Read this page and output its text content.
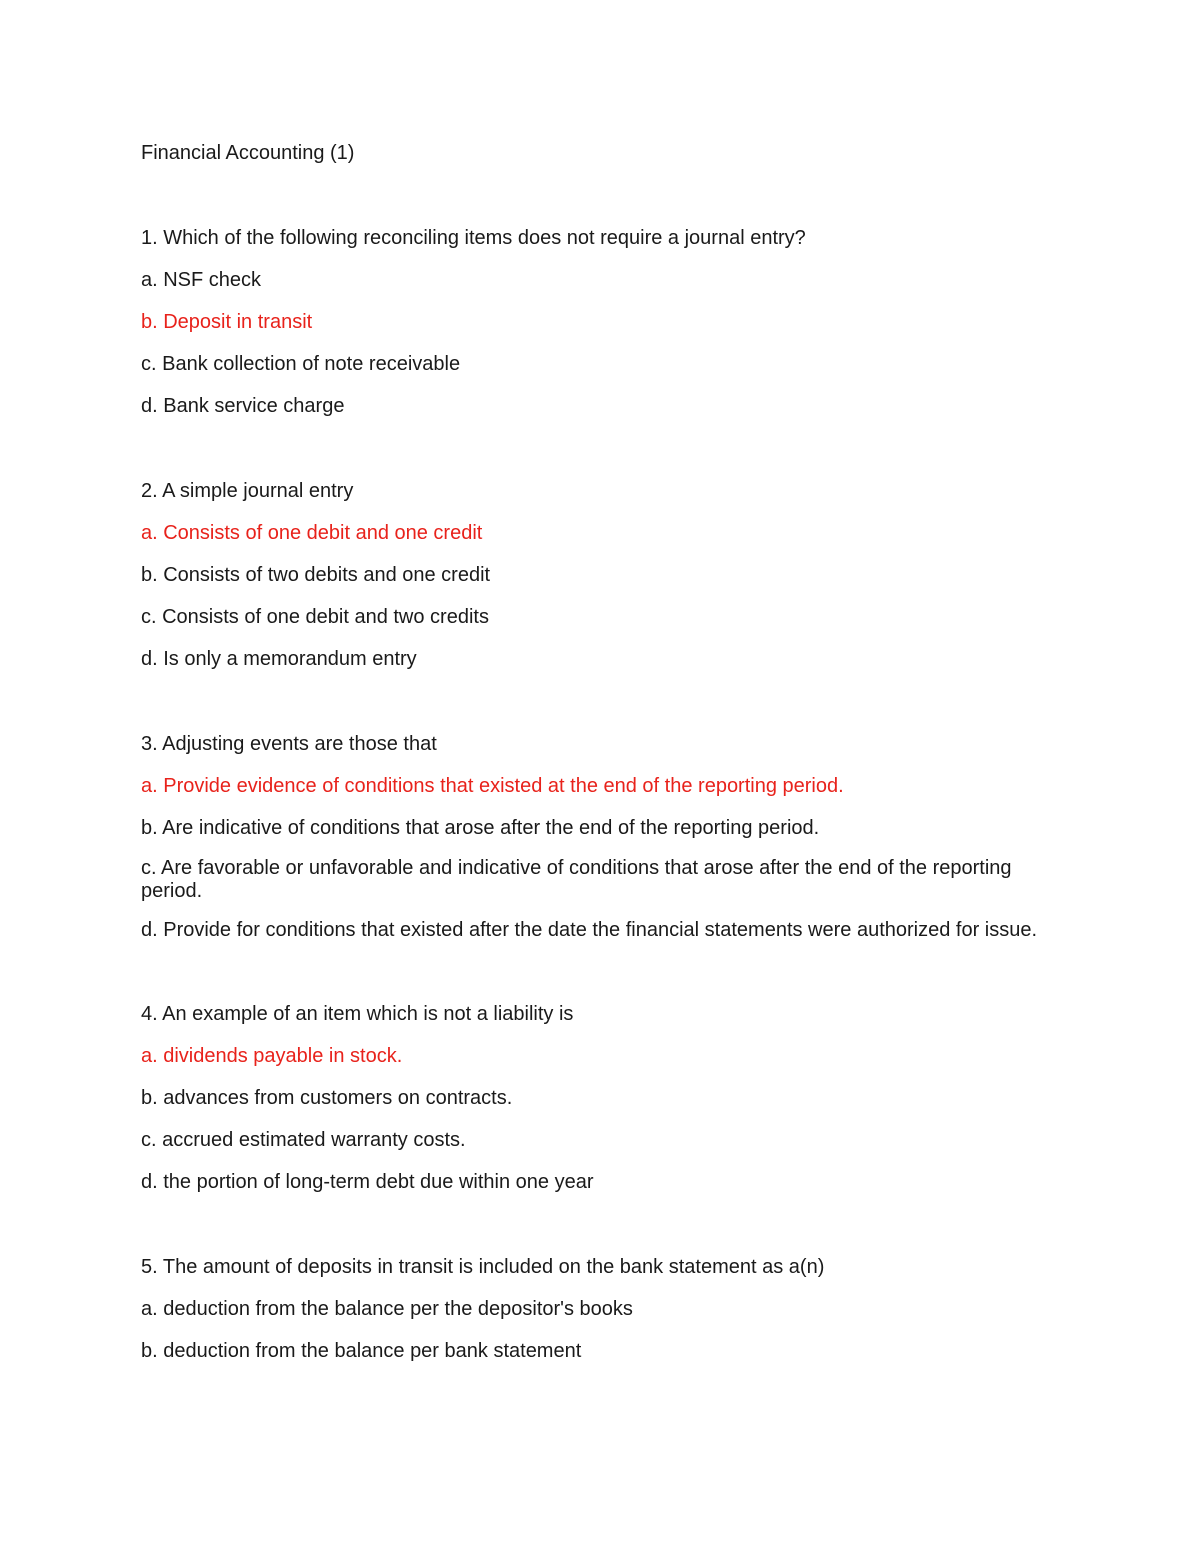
Financial Accounting (1)
1. Which of the following reconciling items does not require a journal entry?
a. NSF check
b. Deposit in transit
c. Bank collection of note receivable
d. Bank service charge
2. A simple journal entry
a. Consists of one debit and one credit
b. Consists of two debits and one credit
c. Consists of one debit and two credits
d. Is only a memorandum entry
3. Adjusting events are those that
a. Provide evidence of conditions that existed at the end of the reporting period.
b. Are indicative of conditions that arose after the end of the reporting period.
c. Are favorable or unfavorable and indicative of conditions that arose after the end of the reporting period.
d. Provide for conditions that existed after the date the financial statements were authorized for issue.
4. An example of an item which is not a liability is
a. dividends payable in stock.
b. advances from customers on contracts.
c. accrued estimated warranty costs.
d. the portion of long-term debt due within one year
5. The amount of deposits in transit is included on the bank statement as a(n)
a. deduction from the balance per the depositor's books
b. deduction from the balance per bank statement
